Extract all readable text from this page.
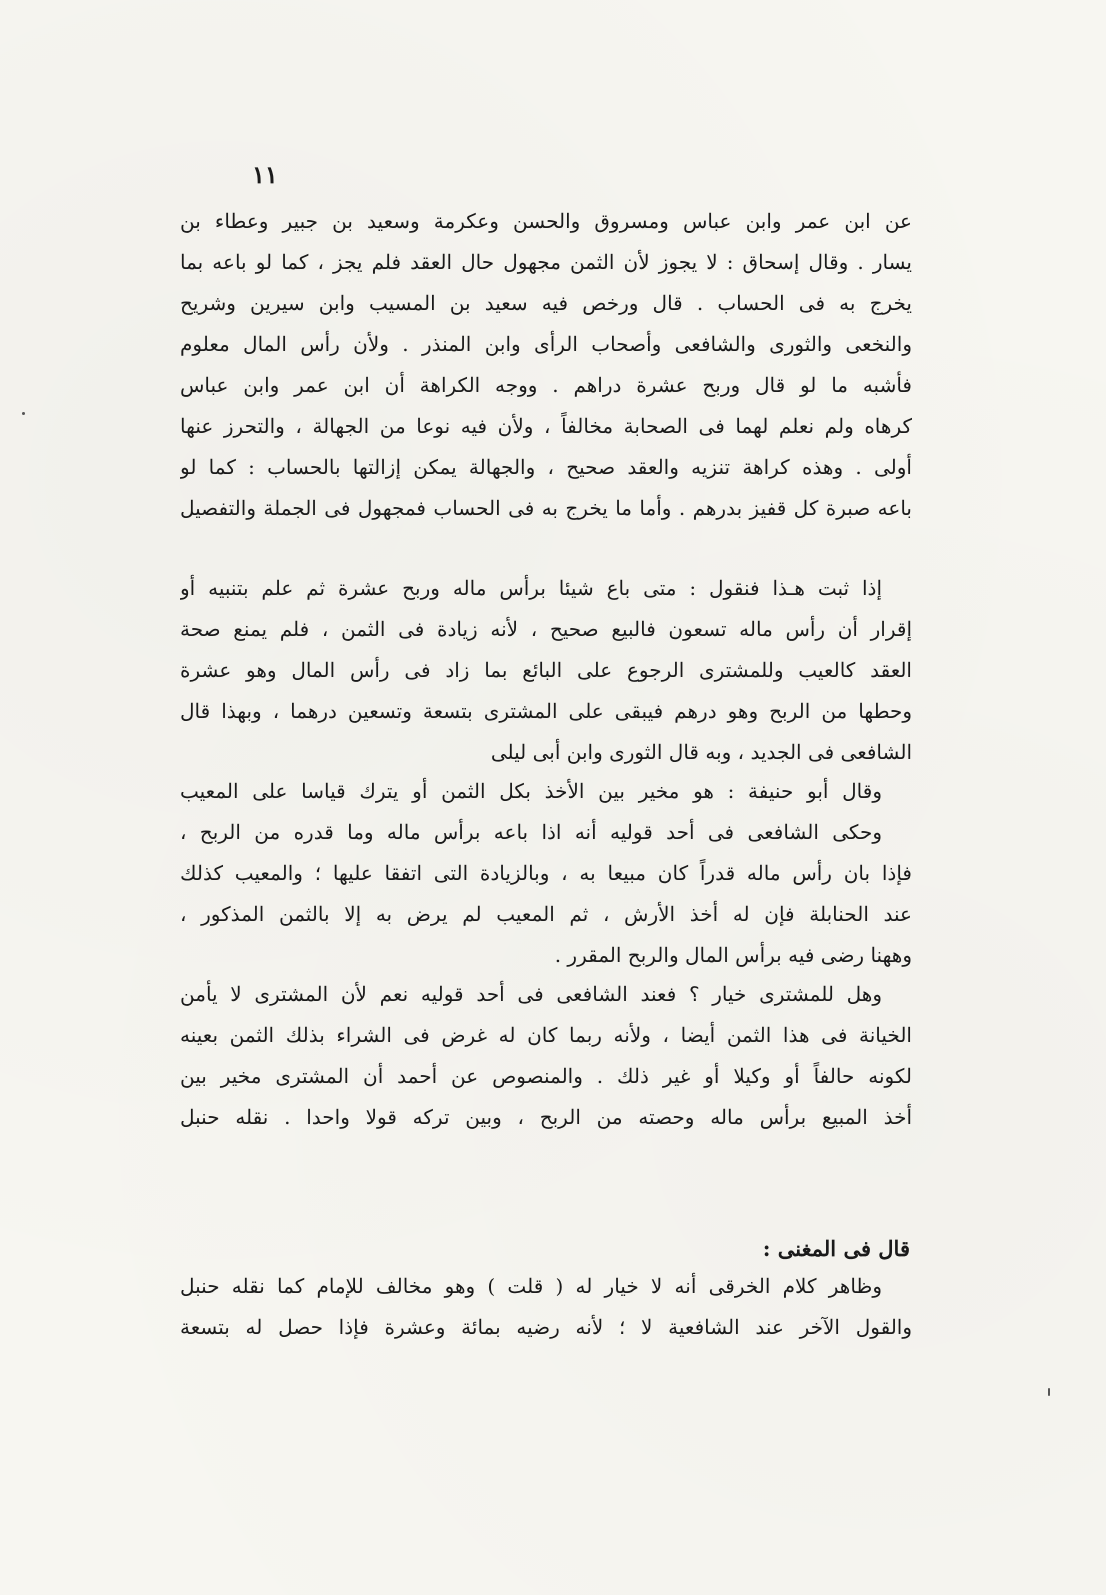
١١
عن ابن عمر وابن عباس ومسروق والحسن وعكرمة وسعيد بن جبير وعطاء بن
يسار . وقال إسحاق : لا يجوز لأن الثمن مجهول حال العقد فلم يجز ، كما لو باعه بما
يخرج به فى الحساب . قال ورخص فيه سعيد بن المسيب وابن سيرين وشريح
والنخعى والثورى والشافعى وأصحاب الرأى وابن المنذر . ولأن رأس المال معلوم
فأشبه ما لو قال وربح عشرة دراهم . ووجه الكراهة أن ابن عمر وابن عباس
كرهاه ولم نعلم لهما فى الصحابة مخالفاً ، ولأن فيه نوعا من الجهالة ، والتحرز عنها
أولى . وهذه كراهة تنزيه والعقد صحيح ، والجهالة يمكن إزالتها بالحساب : كما لو
باعه صبرة كل قفيز بدرهم . وأما ما يخرج به فى الحساب فمجهول فى الجملة والتفصيل
إذا ثبت هـذا فنقول : متى باع شيئا برأس ماله وربح عشرة ثم علم بتنبيه أو
إقرار أن رأس ماله تسعون فالبيع صحيح ، لأنه زيادة فى الثمن ، فلم يمنع صحة
العقد كالعيب وللمشترى الرجوع على البائع بما زاد فى رأس المال وهو عشرة
وحطها من الربح وهو درهم فيبقى على المشترى بتسعة وتسعين درهما ، وبهذا قال
الشافعى فى الجديد ، وبه قال الثورى وابن أبى ليلى
وقال أبو حنيفة : هو مخير بين الأخذ بكل الثمن أو يترك قياسا على المعيب
وحكى الشافعى فى أحد قوليه أنه اذا باعه برأس ماله وما قدره من الربح ،
فإذا بان رأس ماله قدراً كان مبيعا به ، وبالزيادة التى اتفقا عليها ؛ والمعيب كذلك
عند الحنابلة فإن له أخذ الأرش ، ثم المعيب لم يرض به إلا بالثمن المذكور ،
وههنا رضى فيه برأس المال والربح المقرر .
وهل للمشترى خيار ؟ فعند الشافعى فى أحد قوليه نعم لأن المشترى لا يأمن
الخيانة فى هذا الثمن أيضا ، ولأنه ربما كان له غرض فى الشراء بذلك الثمن بعينه
لكونه حالفاً أو وكيلا أو غير ذلك . والمنصوص عن أحمد أن المشترى مخير بين
أخذ المبيع برأس ماله وحصته من الربح ، وبين تركه قولا واحدا . نقله حنبل
قال فى المغنى :
وظاهر كلام الخرقى أنه لا خيار له ( قلت ) وهو مخالف للإمام كما نقله حنبل
والقول الآخر عند الشافعية لا ؛ لأنه رضيه بمائة وعشرة فإذا حصل له بتسعة
